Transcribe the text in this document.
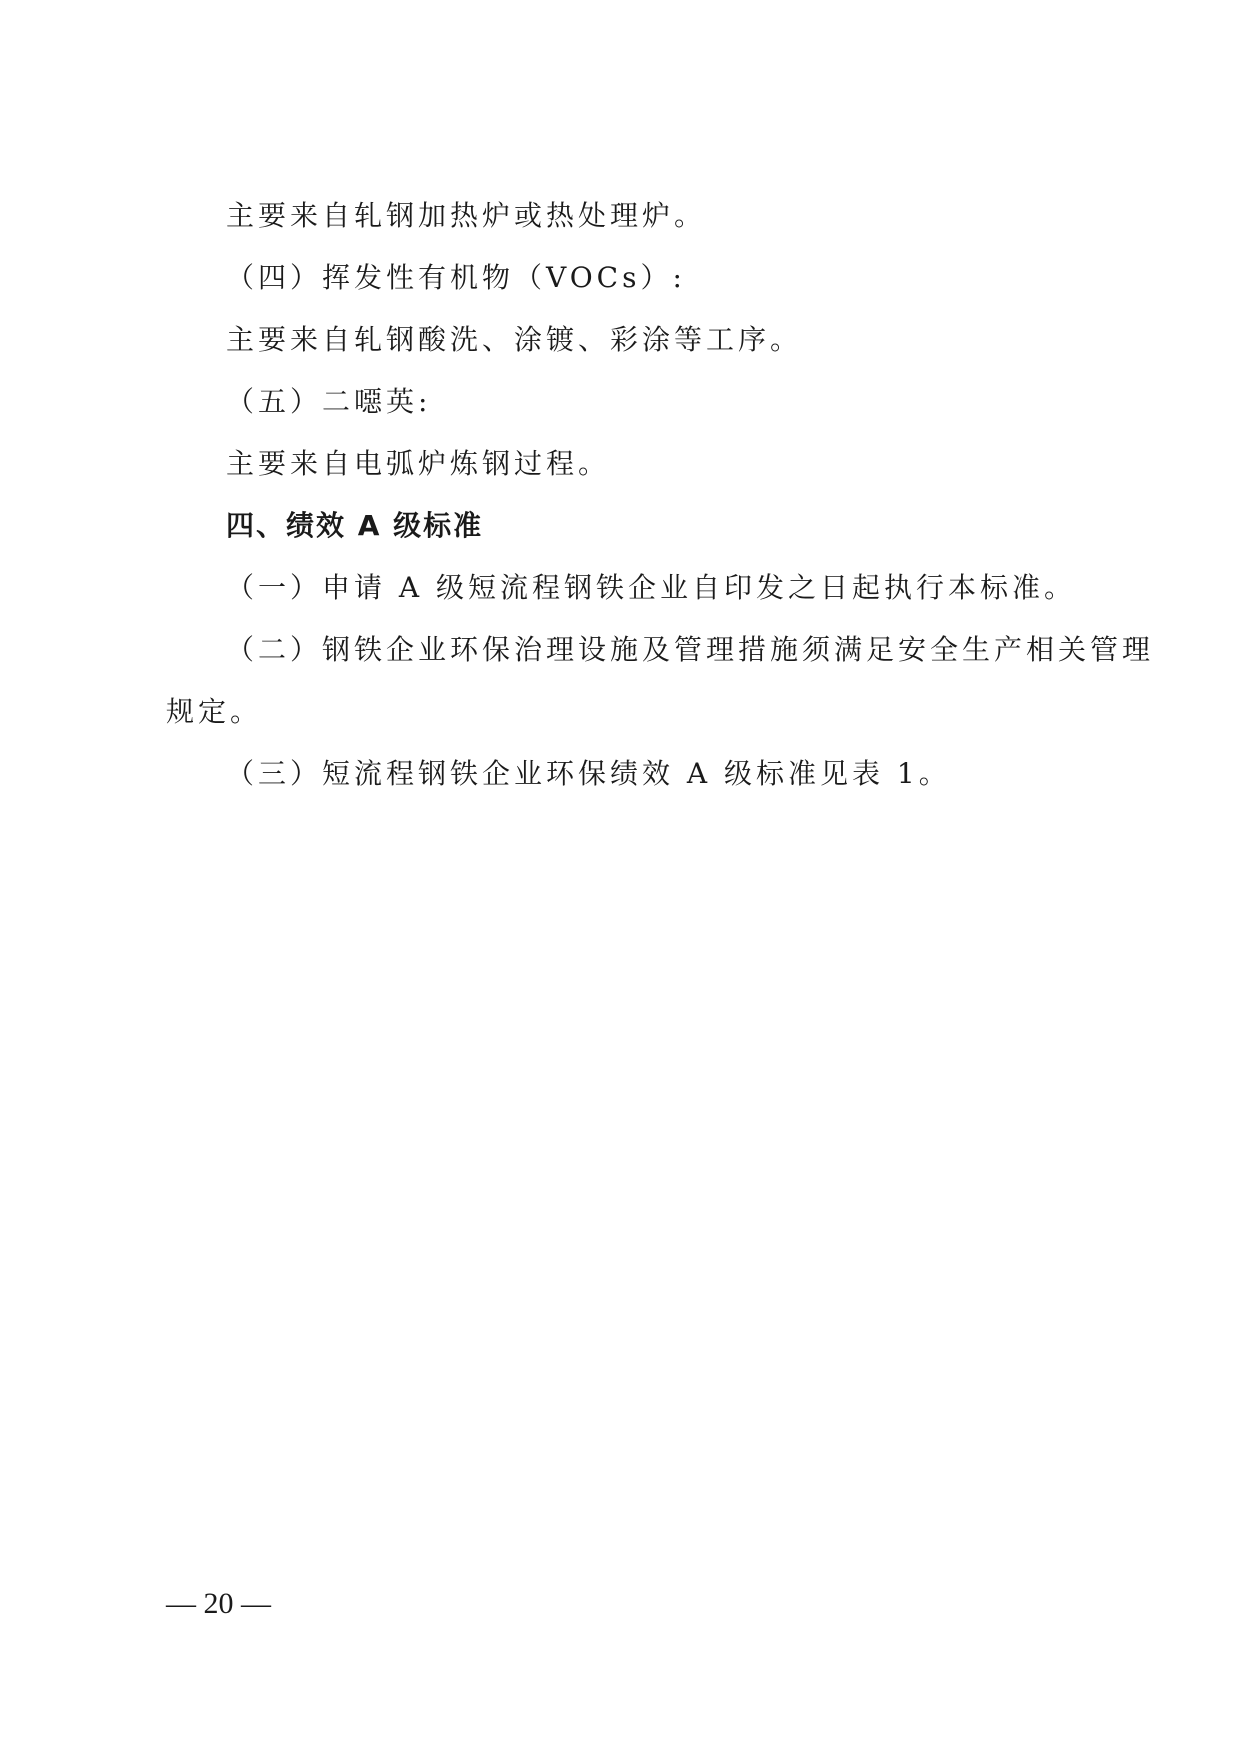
主要来自轧钢加热炉或热处理炉。
（四）挥发性有机物（VOCs）:
主要来自轧钢酸洗、涂镀、彩涂等工序。
（五）二噁英:
主要来自电弧炉炼钢过程。
四、绩效 A 级标准
（一）申请 A 级短流程钢铁企业自印发之日起执行本标准。
（二）钢铁企业环保治理设施及管理措施须满足安全生产相关管理
规定。
（三）短流程钢铁企业环保绩效 A 级标准见表 1。
— 20 —
